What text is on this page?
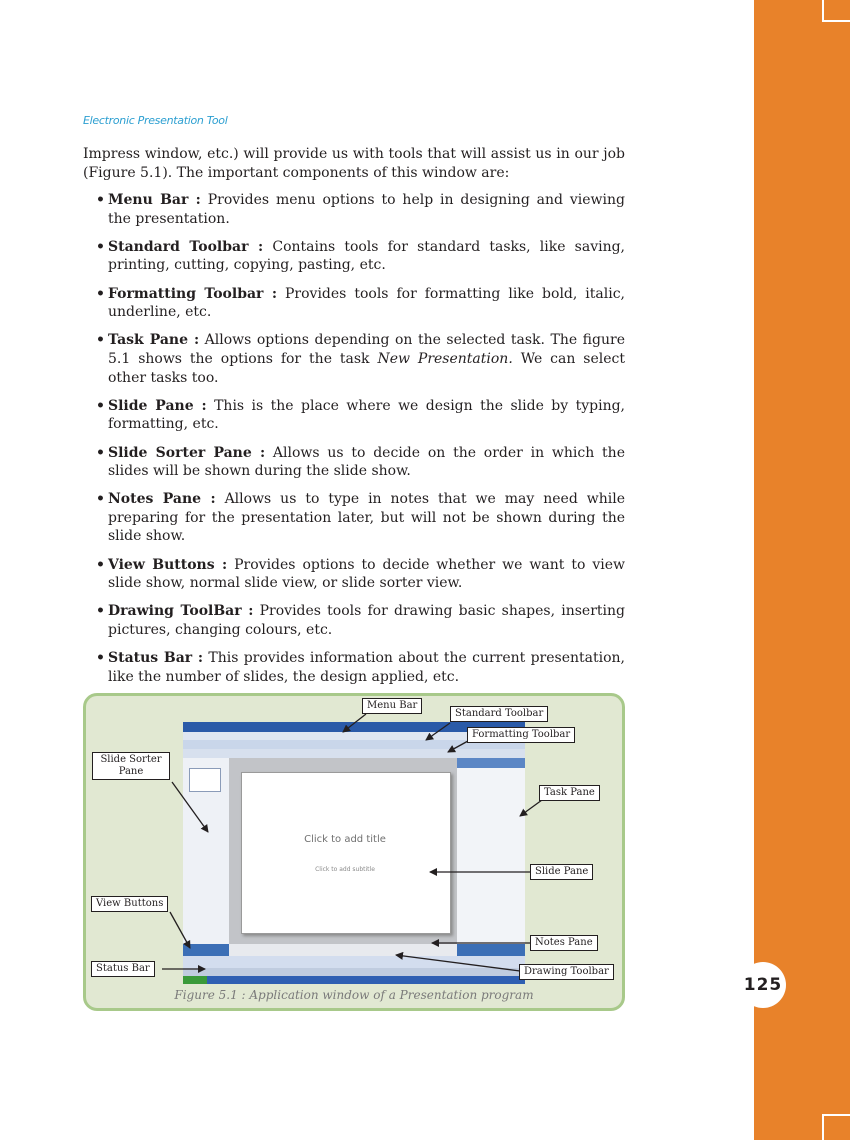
125
Electronic Presentation Tool
Impress window, etc.) will provide us with tools that will assist us in our job (Figure 5.1). The important components of this window are:
• Menu Bar : Provides menu options to help in designing and viewing the presentation.
• Standard Toolbar : Contains tools for standard tasks, like saving, printing, cutting, copying, pasting, etc.
• Formatting Toolbar : Provides tools for formatting like bold, italic, underline, etc.
• Task Pane : Allows options depending on the selected task. The figure 5.1 shows the options for the task New Presentation. We can select other tasks too.
• Slide Pane : This is the place where we design the slide by typing, formatting, etc.
• Slide Sorter Pane : Allows us to decide on the order in which the slides will be shown during the slide show.
• Notes Pane : Allows us to type in notes that we may need while preparing for the presentation later, but will not be shown during the slide show.
• View Buttons : Provides options to decide whether we want to view slide show, normal slide view, or slide sorter view.
• Drawing ToolBar : Provides tools for drawing basic shapes, inserting pictures, changing colours, etc.
• Status Bar : This provides information about the current presentation, like the number of slides, the design applied, etc.
Click to add title
Click to add subtitle
Menu Bar
Standard Toolbar
Formatting Toolbar
Slide Sorter Pane
Task Pane
Slide Pane
View Buttons
Notes Pane
Status Bar	Drawing Toolbar
Figure 5.1 : Application window of a Presentation program
